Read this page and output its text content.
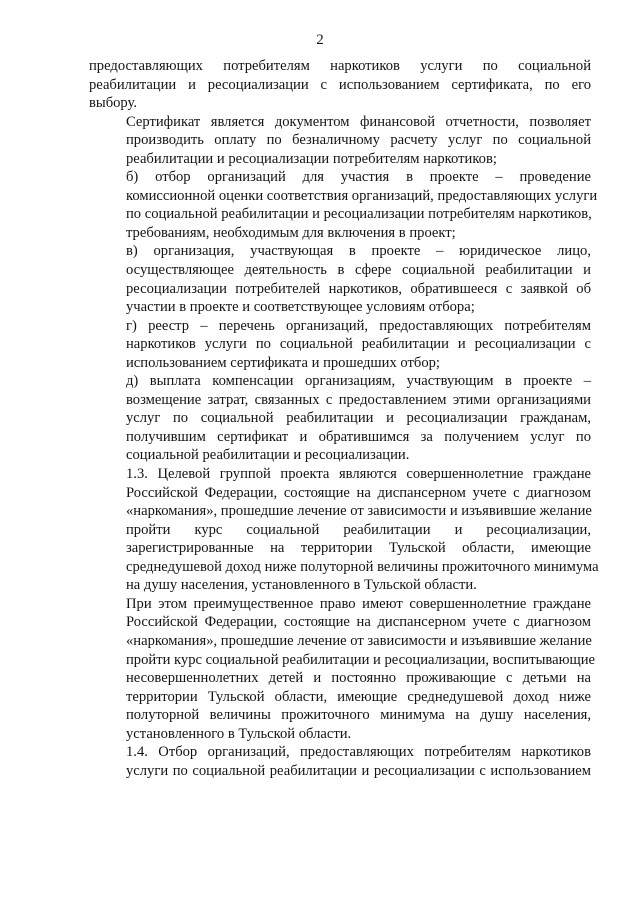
2

предоставляющих потребителям наркотиков услуги по социальной
реабилитации и ресоциализации с использованием сертификата, по его
выбору.

Сертификат является документом финансовой отчетности, позволяет
производить оплату по безналичному расчету услуг по социальной
реабилитации и ресоциализации потребителям наркотиков;

б) отбор организаций для участия в проекте – проведение
комиссионной оценки соответствия организаций, предоставляющих услуги
по социальной реабилитации и ресоциализации потребителям наркотиков,
требованиям, необходимым для включения в проект;

в) организация, участвующая в проекте – юридическое лицо,
осуществляющее деятельность в сфере социальной реабилитации и
ресоциализации потребителей наркотиков, обратившееся с заявкой об
участии в проекте и соответствующее условиям отбора;

г) реестр – перечень организаций, предоставляющих потребителям
наркотиков услуги по социальной реабилитации и ресоциализации с
использованием сертификата и прошедших отбор;

д) выплата компенсации организациям, участвующим в проекте –
возмещение затрат, связанных с предоставлением этими организациями
услуг по социальной реабилитации и ресоциализации гражданам,
получившим сертификат и обратившимся за получением услуг по
социальной реабилитации и ресоциализации.

1.3. Целевой группой проекта являются совершеннолетние граждане
Российской Федерации, состоящие на диспансерном учете с диагнозом
«наркомания», прошедшие лечение от зависимости и изъявившие желание
пройти курс социальной реабилитации и ресоциализации,
зарегистрированные на территории Тульской области, имеющие
среднедушевой доход ниже полуторной величины прожиточного минимума
на душу населения, установленного в Тульской области.

При этом преимущественное право имеют совершеннолетние граждане
Российской Федерации, состоящие на диспансерном учете с диагнозом
«наркомания», прошедшие лечение от зависимости и изъявившие желание
пройти курс социальной реабилитации и ресоциализации, воспитывающие
несовершеннолетних детей и постоянно проживающие с детьми на
территории Тульской области, имеющие среднедушевой доход ниже
полуторной величины прожиточного минимума на душу населения,
установленного в Тульской области.

1.4. Отбор организаций, предоставляющих потребителям наркотиков
услуги по социальной реабилитации и ресоциализации с использованием
